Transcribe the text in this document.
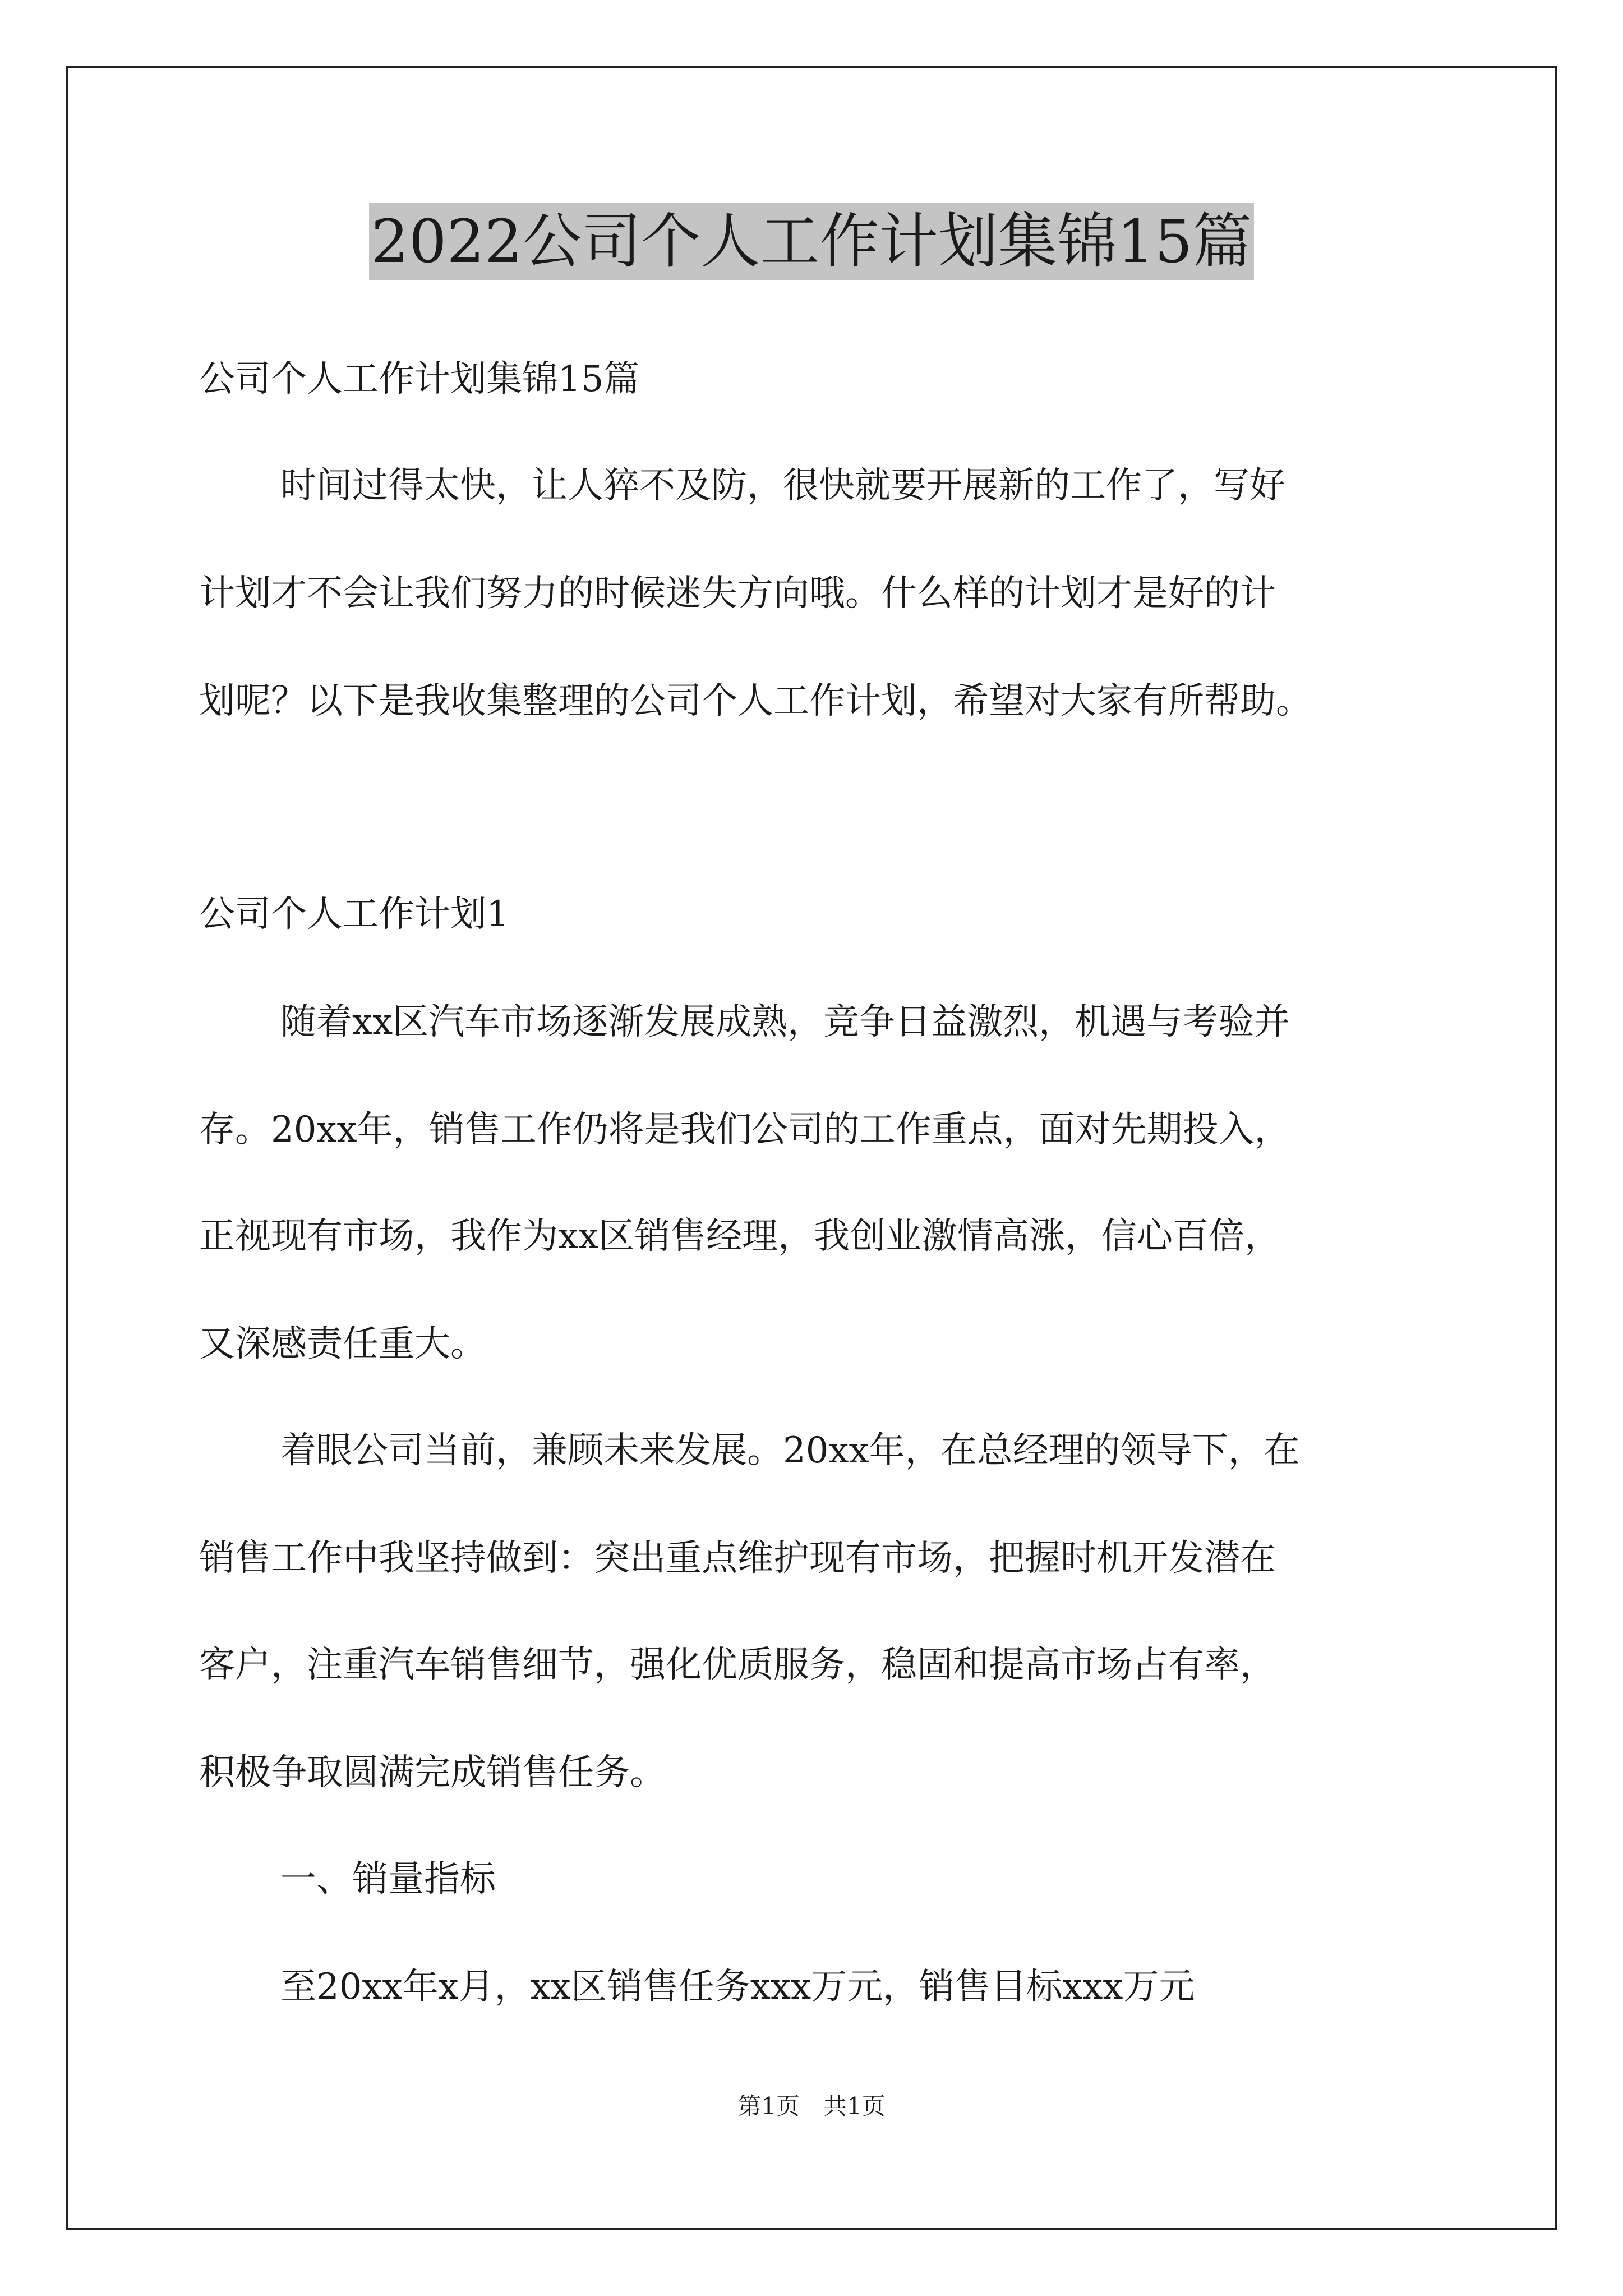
2022公司个人工作计划集锦15篇
公司个人工作计划集锦15篇
时间过得太快，让人猝不及防，很快就要开展新的工作了，写好
计划才不会让我们努力的时候迷失方向哦。什么样的计划才是好的计
划呢？以下是我收集整理的公司个人工作计划，希望对大家有所帮助。
公司个人工作计划1
随着xx区汽车市场逐渐发展成熟，竞争日益激烈，机遇与考验并
存。20xx年，销售工作仍将是我们公司的工作重点，面对先期投入，
正视现有市场，我作为xx区销售经理，我创业激情高涨，信心百倍，
又深感责任重大。
着眼公司当前，兼顾未来发展。20xx年，在总经理的领导下，在
销售工作中我坚持做到：突出重点维护现有市场，把握时机开发潜在
客户，注重汽车销售细节，强化优质服务，稳固和提高市场占有率，
积极争取圆满完成销售任务。
一、销量指标
至20xx年x月，xx区销售任务xxx万元，销售目标xxx万元
第1页　共1页
